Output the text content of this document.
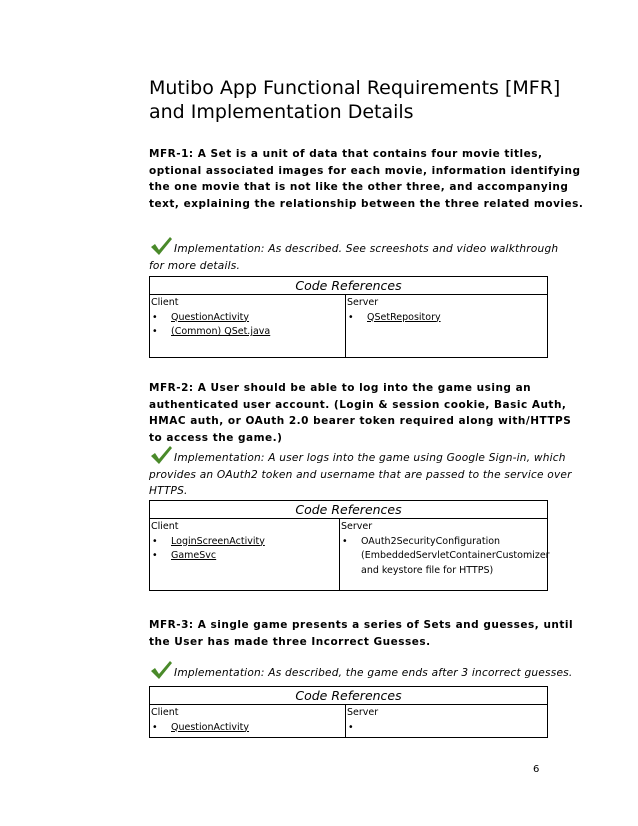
Mutibo App Functional Requirements [MFR]
and Implementation Details
MFR-1: A Set is a unit of data that contains four movie titles,
optional associated images for each movie, information identifying
the one movie that is not like the other three, and accompanying
text, explaining the relationship between the three related movies.
Implementation: As described. See screeshots and video walkthrough
for more details.
Code References

Client
• QuestionActivity
• (Common) QSet.java

Server
• QSetRepository
MFR-2: A User should be able to log into the game using an
authenticated user account. (Login & session cookie, Basic Auth,
HMAC auth, or OAuth 2.0 bearer token required along with/HTTPS
to access the game.)
Implementation: A user logs into the game using Google Sign-in, which
provides an OAuth2 token and username that are passed to the service over
HTTPS.
Code References

Client
• LoginScreenActivity
• GameSvc

Server
• OAuth2SecurityConfiguration
(EmbeddedServletContainerCustomizer
and keystore file for HTTPS)
MFR-3: A single game presents a series of Sets and guesses, until
the User has made three Incorrect Guesses.
Implementation: As described, the game ends after 3 incorrect guesses.
Code References

Client
• QuestionActivity

Server
•
6
